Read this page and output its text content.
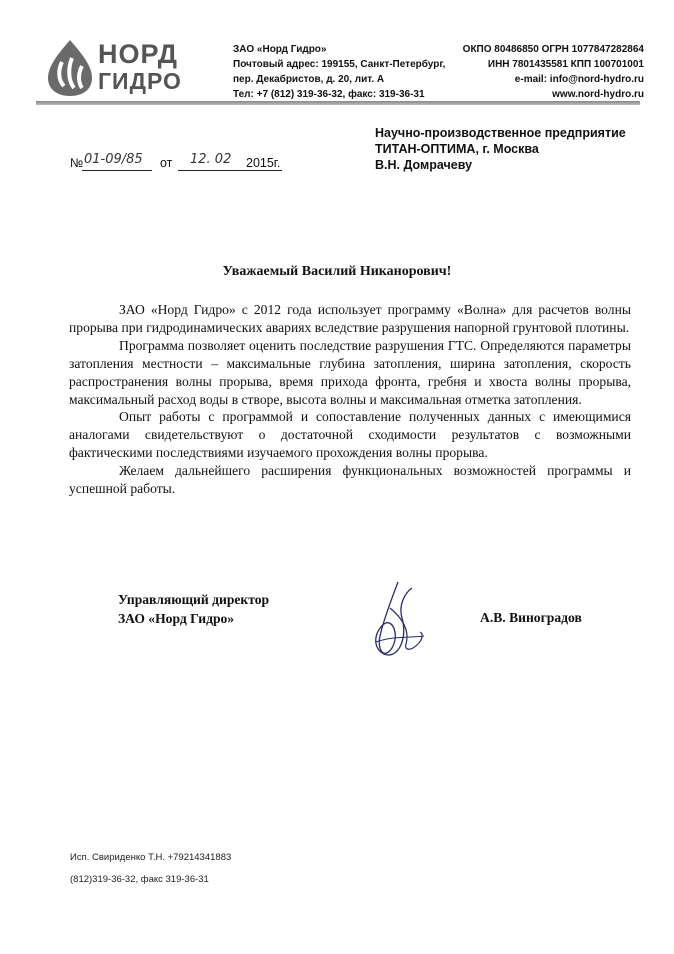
НОРД
ГИДРО
ЗАО «Норд Гидро»
Почтовый адрес: 199155, Санкт-Петербург,
пер. Декабристов, д. 20, лит. А
Тел: +7 (812) 319-36-32, факс: 319-36-31
ОКПО 80486850 ОГРН 1077847282864
ИНН 7801435581 КПП 100701001
e-mail: info@nord-hydro.ru
www.nord-hydro.ru
Научно-производственное предприятие
ТИТАН-ОПТИМА, г. Москва
В.Н. Домрачеву
№ 01-09/85 от 12. 02 2015г.
Уважаемый Василий Никанорович!

ЗАО «Норд Гидро» с 2012 года использует программу «Волна» для расчетов волны прорыва при гидродинамических авариях вследствие разрушения напорной грунтовой плотины.

Программа позволяет оценить последствие разрушения ГТС. Определяются параметры затопления местности – максимальные глубина затопления, ширина затопления, скорость распространения волны прорыва, время прихода фронта, гребня и хвоста волны прорыва, максимальный расход воды в створе, высота волны и максимальная отметка затопления.

Опыт работы с программой и сопоставление полученных данных с имеющимися аналогами свидетельствуют о достаточной сходимости результатов с возможными фактическими последствиями изучаемого прохождения волны прорыва.

Желаем дальнейшего расширения функциональных возможностей программы и успешной работы.

Управляющий директор
ЗАО «Норд Гидро»	А.В. Виноградов
Исп. Свириденко Т.Н. +79214341883
(812)319-36-32, факс 319-36-31
